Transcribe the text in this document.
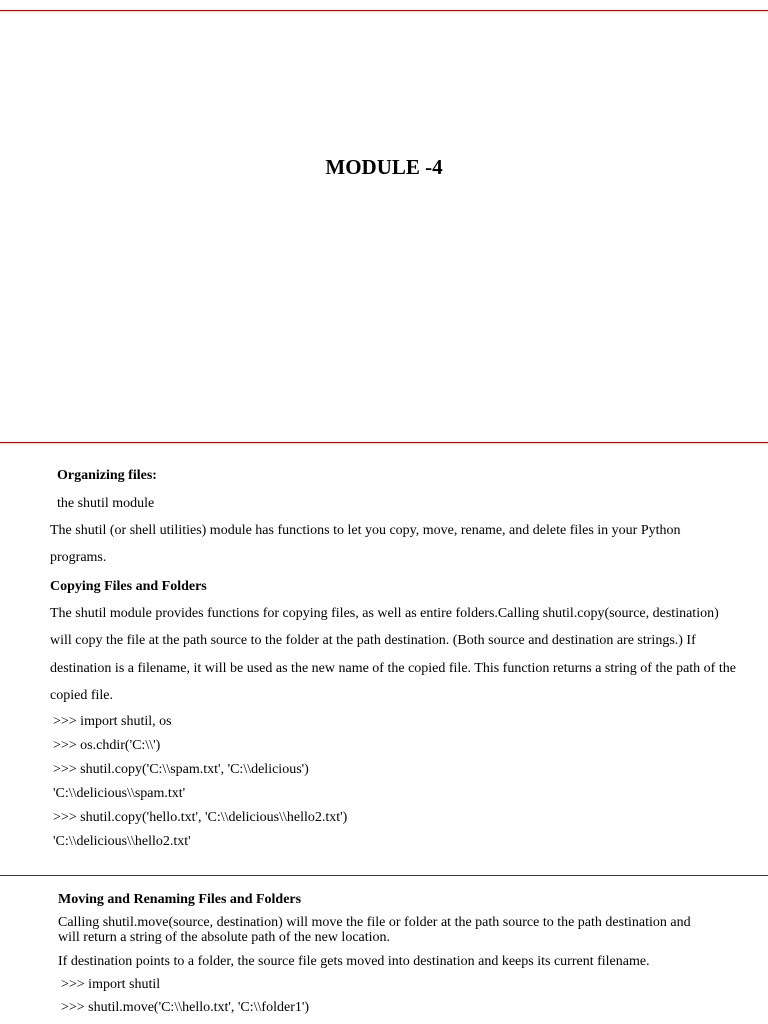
MODULE -4

Organizing files:

the shutil module

The shutil (or shell utilities) module has functions to let you copy, move, rename, and delete files in your Python programs.

Copying Files and Folders

The shutil module provides functions for copying files, as well as entire folders.Calling shutil.copy(source, destination) will copy the file at the path source to the folder at the path destination. (Both source and destination are strings.) If destination is a filename, it will be used as the new name of the copied file. This function returns a string of the path of the copied file.

>>> import shutil, os

>>> os.chdir('C:\\')

>>> shutil.copy('C:\\spam.txt', 'C:\\delicious')

'C:\\delicious\\spam.txt'

>>> shutil.copy('hello.txt', 'C:\\delicious\\hello2.txt')

'C:\\delicious\\hello2.txt'

Moving and Renaming Files and Folders

Calling shutil.move(source, destination) will move the file or folder at the path source to the path destination and will return a string of the absolute path of the new location.

If destination points to a folder, the source file gets moved into destination and keeps its current filename.

>>> import shutil

>>> shutil.move('C:\\hello.txt', 'C:\\folder1')
